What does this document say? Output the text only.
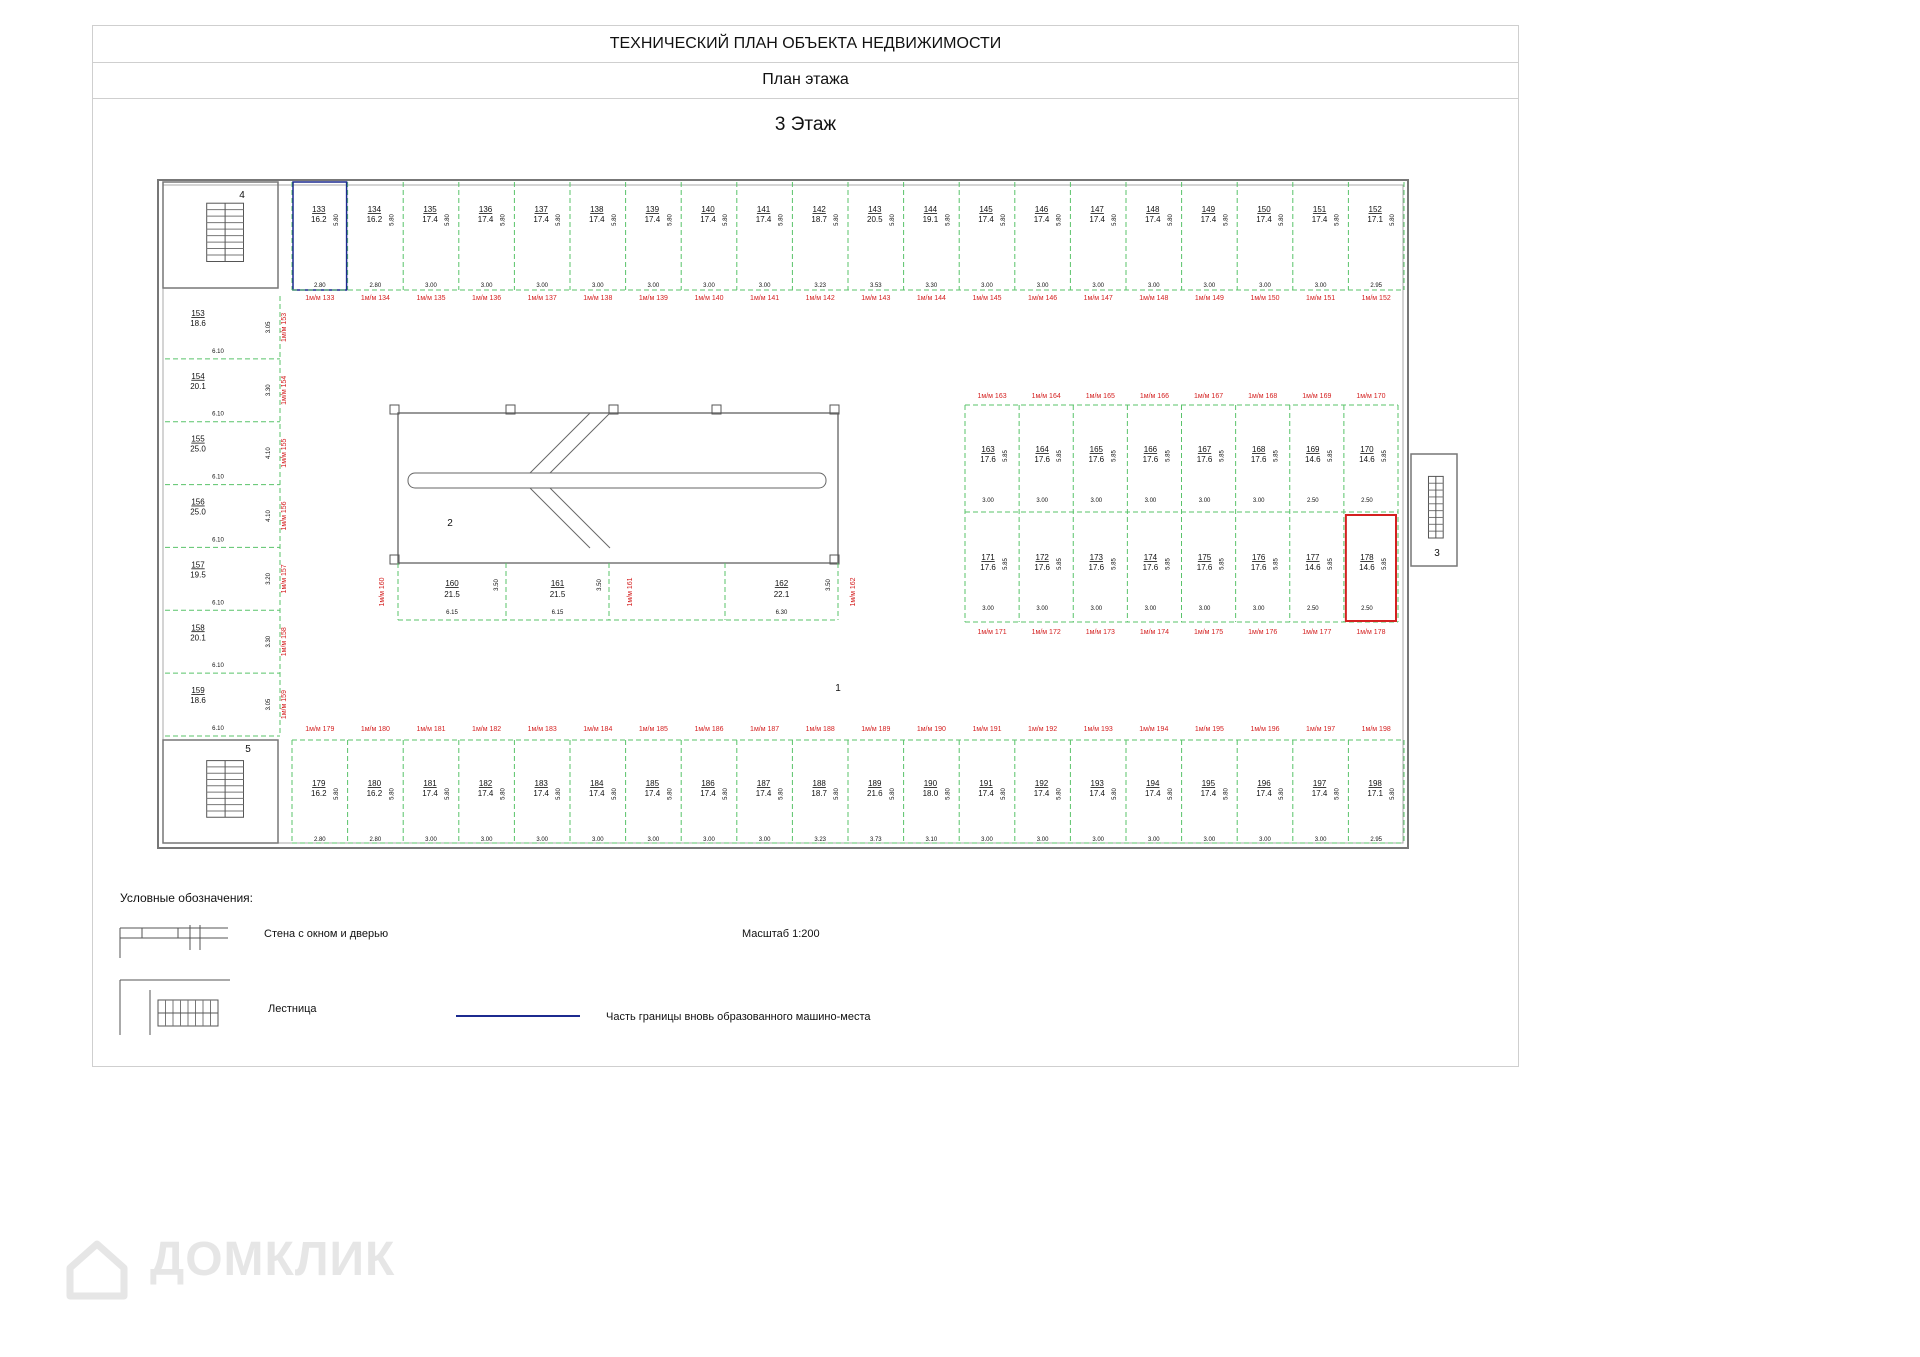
ТЕХНИЧЕСКИЙ ПЛАН ОБЪЕКТА НЕДВИЖИМОСТИ
План этажа
3 Этаж
4
5
3
133
16.2 5.80
2.80
1м/м 133
134
16.2 5.80
2.80
1м/м 134
135
17.4 5.80
3.00
1м/м 135
136
17.4 5.80
3.00
1м/м 136
137
17.4 5.80
3.00
1м/м 137
138
17.4 5.80
3.00
1м/м 138
139
17.4 5.80
3.00
1м/м 139
140
17.4 5.80
3.00
1м/м 140
141
17.4 5.80
3.00
1м/м 141
142
18.7 5.80
3.23
1м/м 142
143
20.5 5.80
3.53
1м/м 143
144
19.1 5.80
3.30
1м/м 144
145
17.4 5.80
3.00
1м/м 145
146
17.4 5.80
3.00
1м/м 146
147
17.4 5.80
3.00
1м/м 147
148
17.4 5.80
3.00
1м/м 148
149
17.4 5.80
3.00
1м/м 149
150
17.4 5.80
3.00
1м/м 150
151
17.4 5.80
3.00
1м/м 151
152
17.1 5.80
2.95
1м/м 152
179
16.2 5.80
2.80
1м/м 179
180
16.2 5.80
2.80
1м/м 180
181
17.4 5.80
3.00
1м/м 181
182
17.4 5.80
3.00
1м/м 182
183
17.4 5.80
3.00
1м/м 183
184
17.4 5.80
3.00
1м/м 184
185
17.4 5.80
3.00
1м/м 185
186
17.4 5.80
3.00
1м/м 186
187
17.4 5.80
3.00
1м/м 187
188
18.7 5.80
3.23
1м/м 188
189
21.6 5.80
3.73
1м/м 189
190
18.0 5.80
3.10
1м/м 190
191
17.4 5.80
3.00
1м/м 191
192
17.4 5.80
3.00
1м/м 192
193
17.4 5.80
3.00
1м/м 193
194
17.4 5.80
3.00
1м/м 194
195
17.4 5.80
3.00
1м/м 195
196
17.4 5.80
3.00
1м/м 196
197
17.4 5.80
3.00
1м/м 197
198
17.1 5.80
2.95
1м/м 198
153
18.6
6.10
3.05 1м/м 153
154
20.1
6.10
3.30 1м/м 154
155
25.0
6.10
4.10 1м/м 155
156
25.0
6.10
4.10 1м/м 156
157
19.5
6.10
3.20 1м/м 157
158
20.1
6.10
3.30 1м/м 158
159
18.6
6.10
3.05 1м/м 159
2
1
160
21.5
6.15
3.50	161
21.5
6.15
3.50	162
22.1
6.30
3.50
1м/м 160	1м/м 161	1м/м 162
1м/м 163
163
17.6 5.85
3.00
1м/м 164
164
17.6 5.85
3.00
1м/м 165
165
17.6 5.85
3.00
1м/м 166
166
17.6 5.85
3.00
1м/м 167
167
17.6 5.85
3.00
1м/м 168
168
17.6 5.85
3.00
1м/м 169
169
14.6 5.85
2.50
1м/м 170
170
14.6 5.85
2.50
1м/м 171
171
17.6 5.85
3.00
1м/м 172
172
17.6 5.85
3.00
1м/м 173
173
17.6 5.85
3.00
1м/м 174
174
17.6 5.85
3.00
1м/м 175
175
17.6 5.85
3.00
1м/м 176
176
17.6 5.85
3.00
1м/м 177
177
14.6 5.85
2.50
1м/м 178
178
14.6 5.85
2.50
Условные обозначения:
Стена с окном и дверью
Лестница
Масштаб 1:200
Часть границы вновь образованного машино-места
ДОМКЛИК
